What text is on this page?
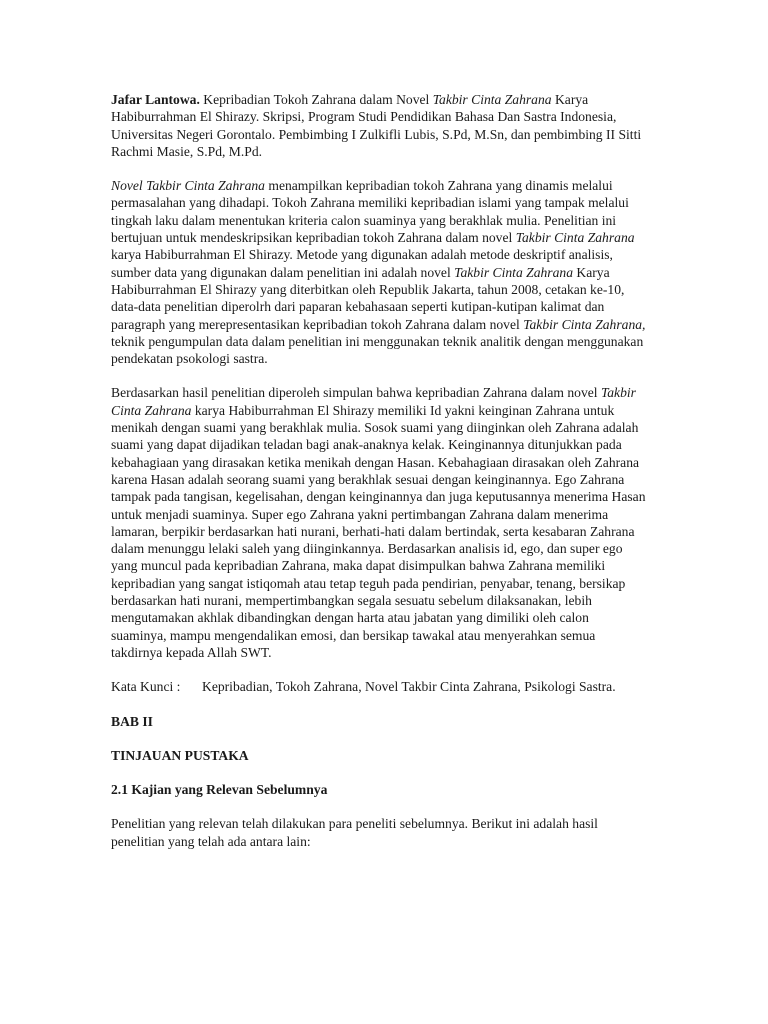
Jafar Lantowa. Kepribadian Tokoh Zahrana dalam Novel Takbir Cinta Zahrana Karya Habiburrahman El Shirazy. Skripsi, Program Studi Pendidikan Bahasa Dan Sastra Indonesia, Universitas Negeri Gorontalo. Pembimbing I Zulkifli Lubis, S.Pd, M.Sn, dan pembimbing II Sitti Rachmi Masie, S.Pd, M.Pd.

Novel Takbir Cinta Zahrana menampilkan kepribadian tokoh Zahrana yang dinamis melalui permasalahan yang dihadapi. Tokoh Zahrana memiliki kepribadian islami yang tampak melalui tingkah laku dalam menentukan kriteria calon suaminya yang berakhlak mulia. Penelitian ini bertujuan untuk mendeskripsikan kepribadian tokoh Zahrana dalam novel Takbir Cinta Zahrana karya Habiburrahman El Shirazy. Metode yang digunakan adalah metode deskriptif analisis, sumber data yang digunakan dalam penelitian ini adalah novel Takbir Cinta Zahrana Karya Habiburrahman El Shirazy yang diterbitkan oleh Republik Jakarta, tahun 2008, cetakan ke-10, data-data penelitian diperolrh dari paparan kebahasaan seperti kutipan-kutipan kalimat dan paragraph yang merepresentasikan kepribadian tokoh Zahrana dalam novel Takbir Cinta Zahrana, teknik pengumpulan data dalam penelitian ini menggunakan teknik analitik dengan menggunakan pendekatan psokologi sastra.

Berdasarkan hasil penelitian diperoleh simpulan bahwa kepribadian Zahrana dalam novel Takbir Cinta Zahrana karya Habiburrahman El Shirazy memiliki Id yakni keinginan Zahrana untuk menikah dengan suami yang berakhlak mulia. Sosok suami yang diinginkan oleh Zahrana adalah suami yang dapat dijadikan teladan bagi anak-anaknya kelak. Keinginannya ditunjukkan pada kebahagiaan yang dirasakan ketika menikah dengan Hasan. Kebahagiaan dirasakan oleh Zahrana karena Hasan adalah seorang suami yang berakhlak sesuai dengan keinginannya. Ego Zahrana tampak pada tangisan, kegelisahan, dengan keinginannya dan juga keputusannya menerima Hasan untuk menjadi suaminya. Super ego Zahrana yakni pertimbangan Zahrana dalam menerima lamaran, berpikir berdasarkan hati nurani, berhati-hati dalam bertindak, serta kesabaran Zahrana dalam menunggu lelaki saleh yang diinginkannya. Berdasarkan analisis id, ego, dan super ego yang muncul pada kepribadian Zahrana, maka dapat disimpulkan bahwa Zahrana memiliki kepribadian yang sangat istiqomah atau tetap teguh pada pendirian, penyabar, tenang, bersikap berdasarkan hati nurani, mempertimbangkan segala sesuatu sebelum dilaksanakan, lebih mengutamakan akhlak dibandingkan dengan harta atau jabatan yang dimiliki oleh calon suaminya, mampu mengendalikan emosi, dan bersikap tawakal atau menyerahkan semua takdirnya kepada Allah SWT.

Kata Kunci :	Kepribadian, Tokoh Zahrana, Novel Takbir Cinta Zahrana, Psikologi Sastra.

BAB II

TINJAUAN PUSTAKA

2.1 Kajian yang Relevan Sebelumnya

Penelitian yang relevan telah dilakukan para peneliti sebelumnya. Berikut ini adalah hasil penelitian yang telah ada antara lain:
